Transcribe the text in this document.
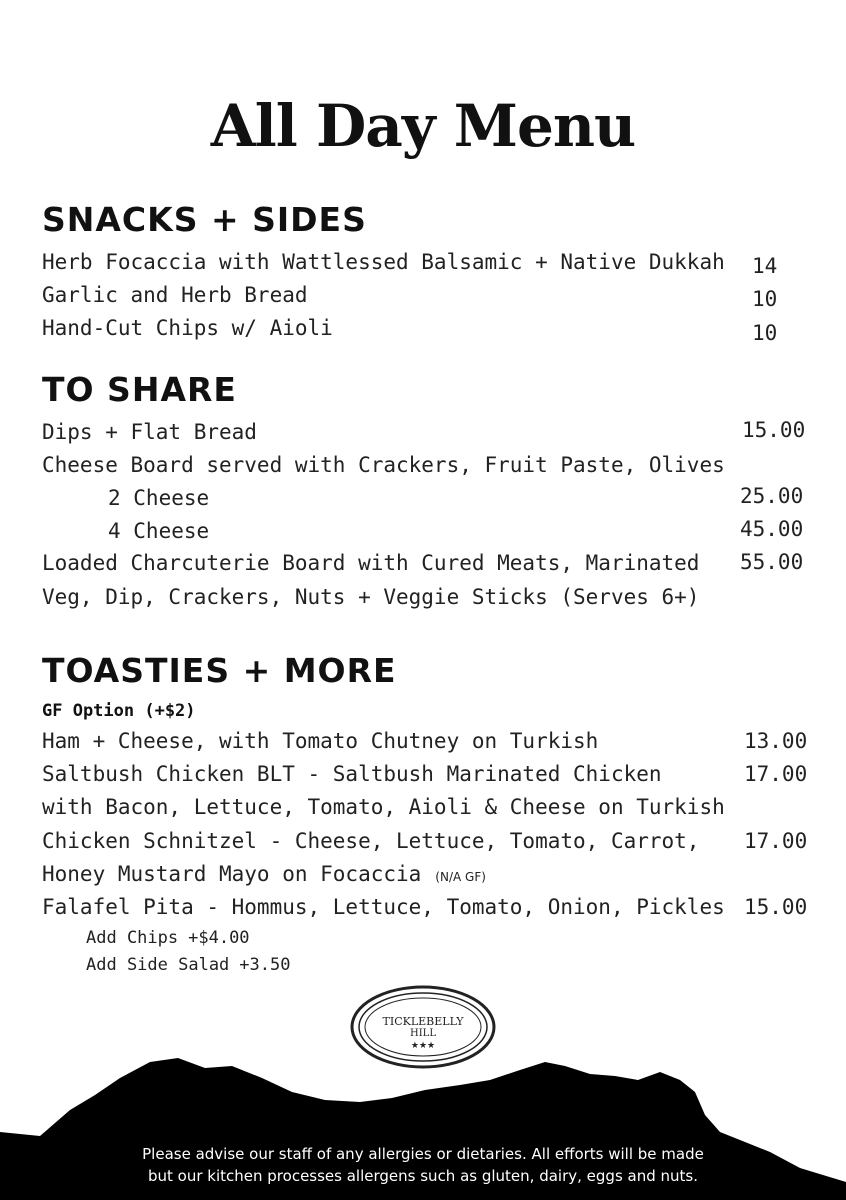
All Day Menu
SNACKS + SIDES
Herb Focaccia with Wattlessed Balsamic + Native Dukkah 14
Garlic and Herb Bread	10
Hand-Cut Chips w/ Aioli	10
TO SHARE
Dips + Flat Bread	15.00
Cheese Board served with Crackers, Fruit Paste, Olives
2 Cheese	25.00
4 Cheese	45.00
Loaded Charcuterie Board with Cured Meats, Marinated 55.00
Veg, Dip, Crackers, Nuts + Veggie Sticks (Serves 6+)
TOASTIES + MORE
GF Option (+$2)
Ham + Cheese, with Tomato Chutney on Turkish	13.00
Saltbush Chicken BLT - Saltbush Marinated Chicken	17.00
with Bacon, Lettuce, Tomato, Aioli & Cheese on Turkish
Chicken Schnitzel - Cheese, Lettuce, Tomato, Carrot, 17.00
Honey Mustard Mayo on Focaccia (N/A GF)
Falafel Pita - Hommus, Lettuce, Tomato, Onion, Pickles 15.00
Add Chips +$4.00
Add Side Salad +3.50
TICKLEBELLY
HILL
★★★
Please advise our staff of any allergies or dietaries. All efforts will be made
but our kitchen processes allergens such as gluten, dairy, eggs and nuts.
